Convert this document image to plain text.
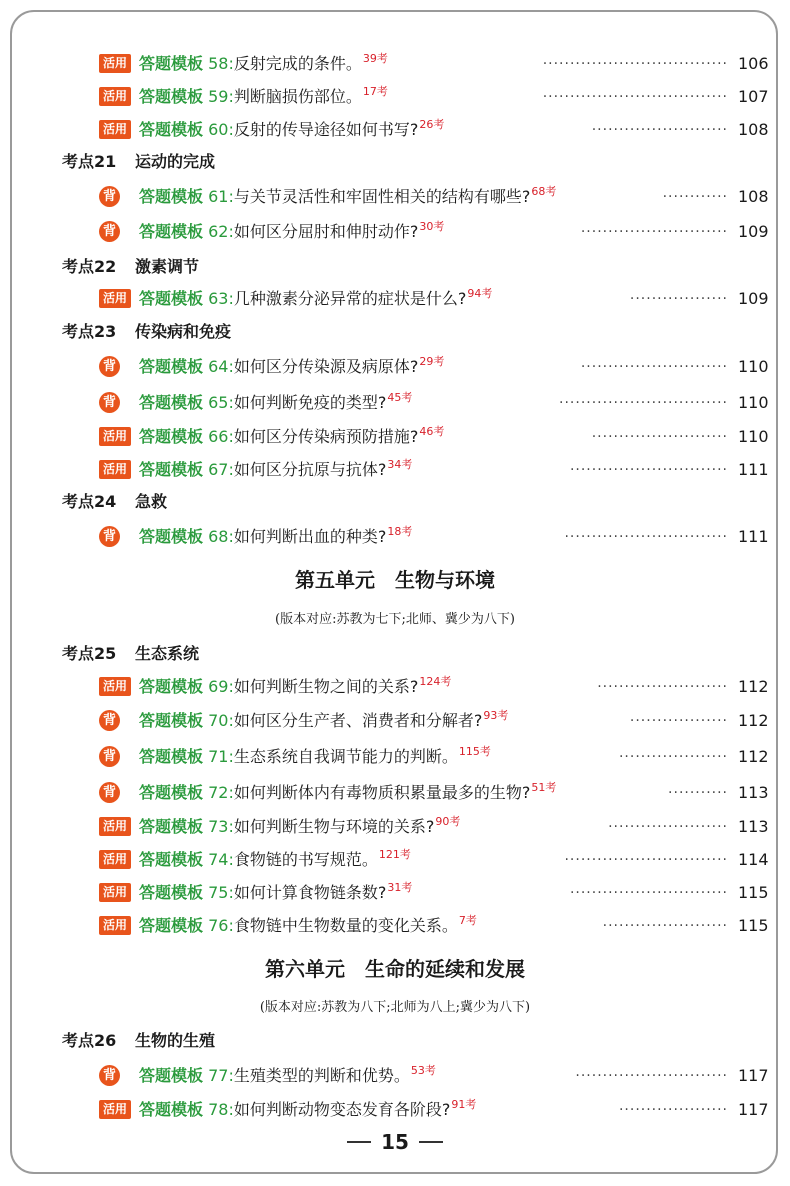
活用 答题模板 58:反射完成的条件。$^{39考}$	·································· 106
活用 答题模板 59:判断脑损伤部位。$^{17考}$	·································· 107
活用 答题模板 60:反射的传导途径如何书写?$^{26考}$	························· 108
考点21 运动的完成
背 答题模板 61:与关节灵活性和牢固性相关的结构有哪些?$^{68考}$	············ 108
背 答题模板 62:如何区分屈肘和伸肘动作?$^{30考}$	··························· 109
考点22 激素调节
活用 答题模板 63:几种激素分泌异常的症状是什么?$^{94考}$	·················· 109
考点23 传染病和免疫
背 答题模板 64:如何区分传染源及病原体?$^{29考}$	··························· 110
背 答题模板 65:如何判断免疫的类型?$^{45考}$	······························· 110
活用 答题模板 66:如何区分传染病预防措施?$^{46考}$	························· 110
活用 答题模板 67:如何区分抗原与抗体?$^{34考}$	····························· 111
考点24 急救
背 答题模板 68:如何判断出血的种类?$^{18考}$	······························ 111
第五单元　生物与环境
(版本对应:苏教为七下;北师、冀少为八下)
考点25 生态系统
活用 答题模板 69:如何判断生物之间的关系?$^{124考}$	························ 112
背 答题模板 70:如何区分生产者、消费者和分解者?$^{93考}$	·················· 112
背 答题模板 71:生态系统自我调节能力的判断。$^{115考}$	···················· 112
背 答题模板 72:如何判断体内有毒物质积累量最多的生物?$^{51考}$	··········· 113
活用 答题模板 73:如何判断生物与环境的关系?$^{90考}$	······················ 113
活用 答题模板 74:食物链的书写规范。$^{121考}$	······························ 114
活用 答题模板 75:如何计算食物链条数?$^{31考}$	····························· 115
活用 答题模板 76:食物链中生物数量的变化关系。$^{7考}$	······················· 115
第六单元　生命的延续和发展
(版本对应:苏教为八下;北师为八上;冀少为八下)
考点26 生物的生殖
背 答题模板 77:生殖类型的判断和优势。$^{53考}$	···························· 117
活用 答题模板 78:如何判断动物变态发育各阶段?$^{91考}$	···················· 117
15
